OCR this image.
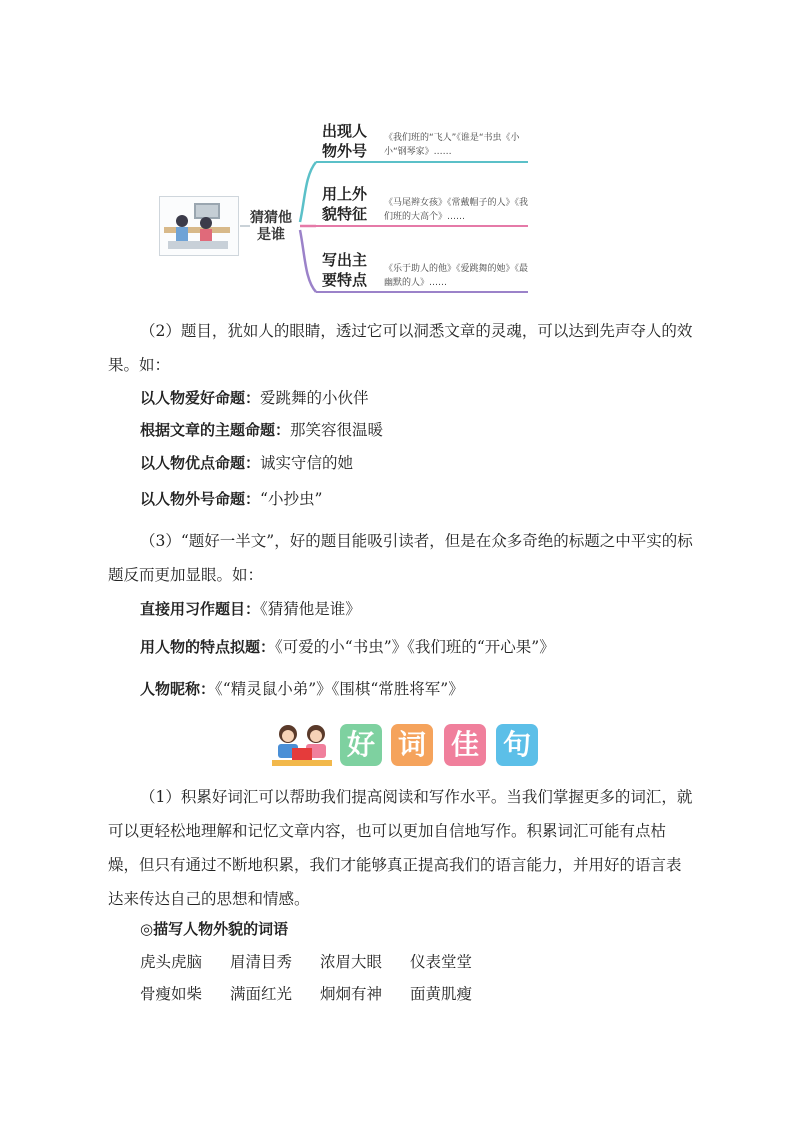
猜猜他是谁
出现人物外号
《我们班的“飞人”《谁是“书虫《小小“钢琴家》……
用上外貌特征
《马尾辫女孩》《常戴帽子的人》《我们班的大高个》……
写出主要特点
《乐于助人的他》《爱跳舞的她》《最幽默的人》……
（2）题目，犹如人的眼睛，透过它可以洞悉文章的灵魂，可以达到先声夺人的效果。如：
以人物爱好命题：爱跳舞的小伙伴
根据文章的主题命题：那笑容很温暖
以人物优点命题：诚实守信的她
以人物外号命题：“小抄虫”
（3）“题好一半文”，好的题目能吸引读者，但是在众多奇绝的标题之中平实的标题反而更加显眼。如：
直接用习作题目：《猜猜他是谁》
用人物的特点拟题：《可爱的小“书虫”》《我们班的“开心果”》
人物昵称：《“精灵鼠小弟”》《围棋“常胜将军”》
好 词 佳 句
（1）积累好词汇可以帮助我们提高阅读和写作水平。当我们掌握更多的词汇，就可以更轻松地理解和记忆文章内容，也可以更加自信地写作。积累词汇可能有点枯燥，但只有通过不断地积累，我们才能够真正提高我们的语言能力，并用好的语言表达来传达自己的思想和情感。
◎描写人物外貌的词语
虎头虎脑 眉清目秀 浓眉大眼 仪表堂堂
骨瘦如柴 满面红光 炯炯有神 面黄肌瘦
